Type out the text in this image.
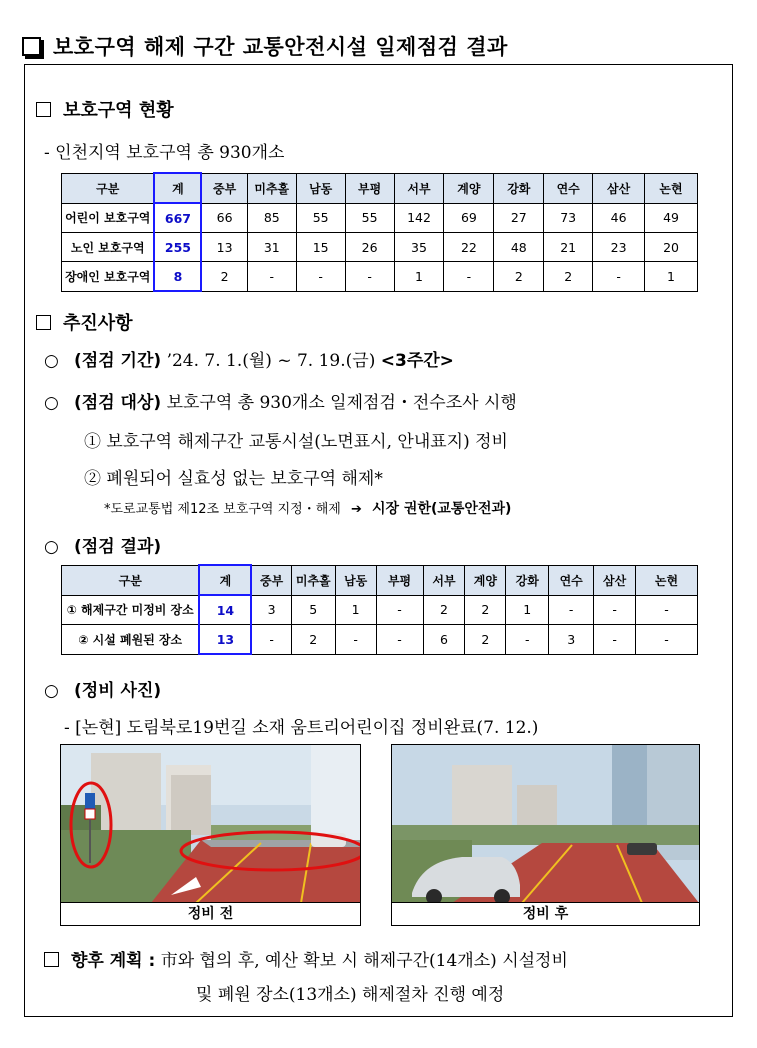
보호구역 해제 구간 교통안전시설 일제점검 결과
보호구역 현황
- 인천지역 보호구역 총 930개소
구분	계	중부	미추홀	남동	부평	서부	계양	강화	연수	삼산	논현
어린이 보호구역	667	66	85	55	55	142	69	27	73	46	49
노인 보호구역	255	13	31	15	26	35	22	48	21	23	20
장애인 보호구역	8	2	-	-	-	1	-	2	2	-	1
추진사항
○ (점검 기간) ’24. 7. 1.(월) ~ 7. 19.(금) <3주간>
○ (점검 대상) 보호구역 총 930개소 일제점검・전수조사 시행
① 보호구역 해제구간 교통시설(노면표시, 안내표지) 정비
② 폐원되어 실효성 없는 보호구역 해제*
*도로교통법 제12조 보호구역 지정・해제 ➔ 시장 권한(교통안전과)
○ (점검 결과)
구분	계	중부	미추홀	남동	부평	서부	계양	강화	연수	삼산	논현
① 해제구간 미정비 장소	14	3	5	1	-	2	2	1	-	-	-
② 시설 폐원된 장소	13	-	2	-	-	6	2	-	3	-	-
○ (정비 사진)
- [논현] 도림북로19번길 소재 움트리어린이집 정비완료(7. 12.)
정비 전	정비 후
향후 계획 : 市와 협의 후, 예산 확보 시 해제구간(14개소) 시설정비
및 폐원 장소(13개소) 해제절차 진행 예정
